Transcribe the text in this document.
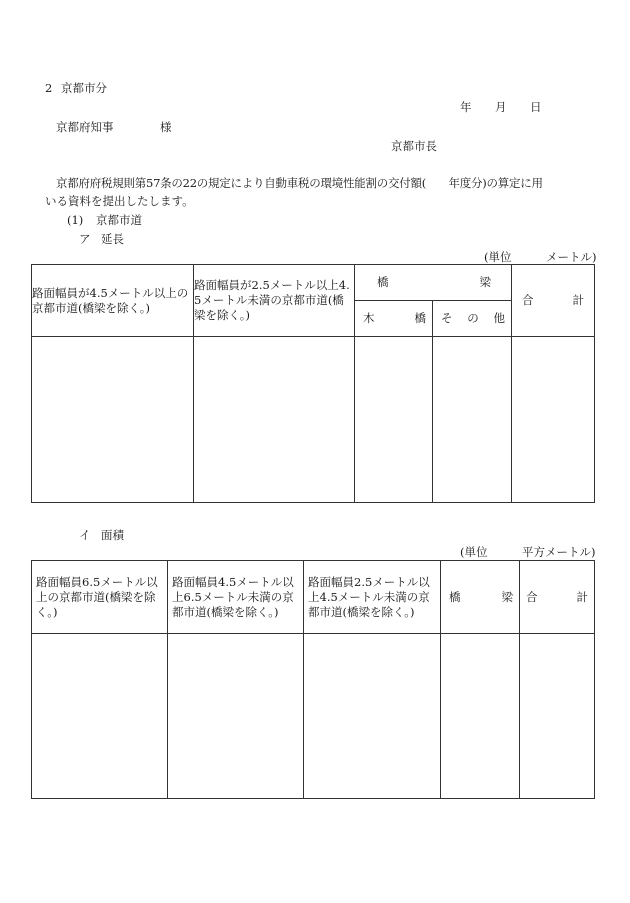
2 京都市分
年 月 日
京都府知事	様
京都市長
京都府府税規則第57条の22の規定により自動車税の環境性能割の交付額(　　年度分)の算定に用
いる資料を提出したします。
(1) 京都市道
ア 延長
(単位	メートル)
路面幅員が4.5メートル以上の京都市道(橋梁を除く。)	路面幅員が2.5メートル以上4.5メートル未満の京都市道(橋梁を除く。)	橋 梁		合 計

		木 橋	そ の 他	

イ 面積
(単位	平方メートル)
路面幅員6.5メートル以上の京都市道(橋梁を除く。)	路面幅員4.5メートル以上6.5メートル未満の京都市道(橋梁を除く。)	路面幅員2.5メートル以上4.5メートル未満の京都市道(橋梁を除く。)	橋 梁	合 計
